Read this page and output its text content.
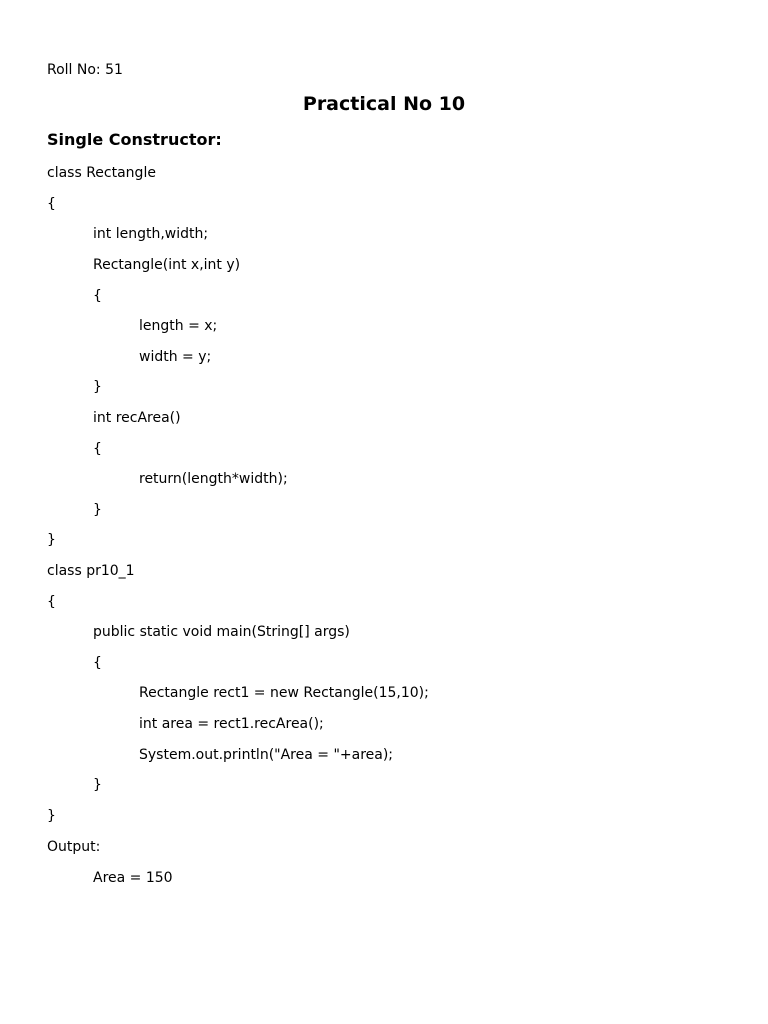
Roll No: 51
Practical No 10
Single Constructor:
class Rectangle
{
int length,width;
Rectangle(int x,int y)
{
length = x;
width = y;
}
int recArea()
{
return(length*width);
}
}
class pr10_1
{
public static void main(String[] args)
{
Rectangle rect1 = new Rectangle(15,10);
int area = rect1.recArea();
System.out.println("Area = "+area);
}
}
Output:
Area = 150
